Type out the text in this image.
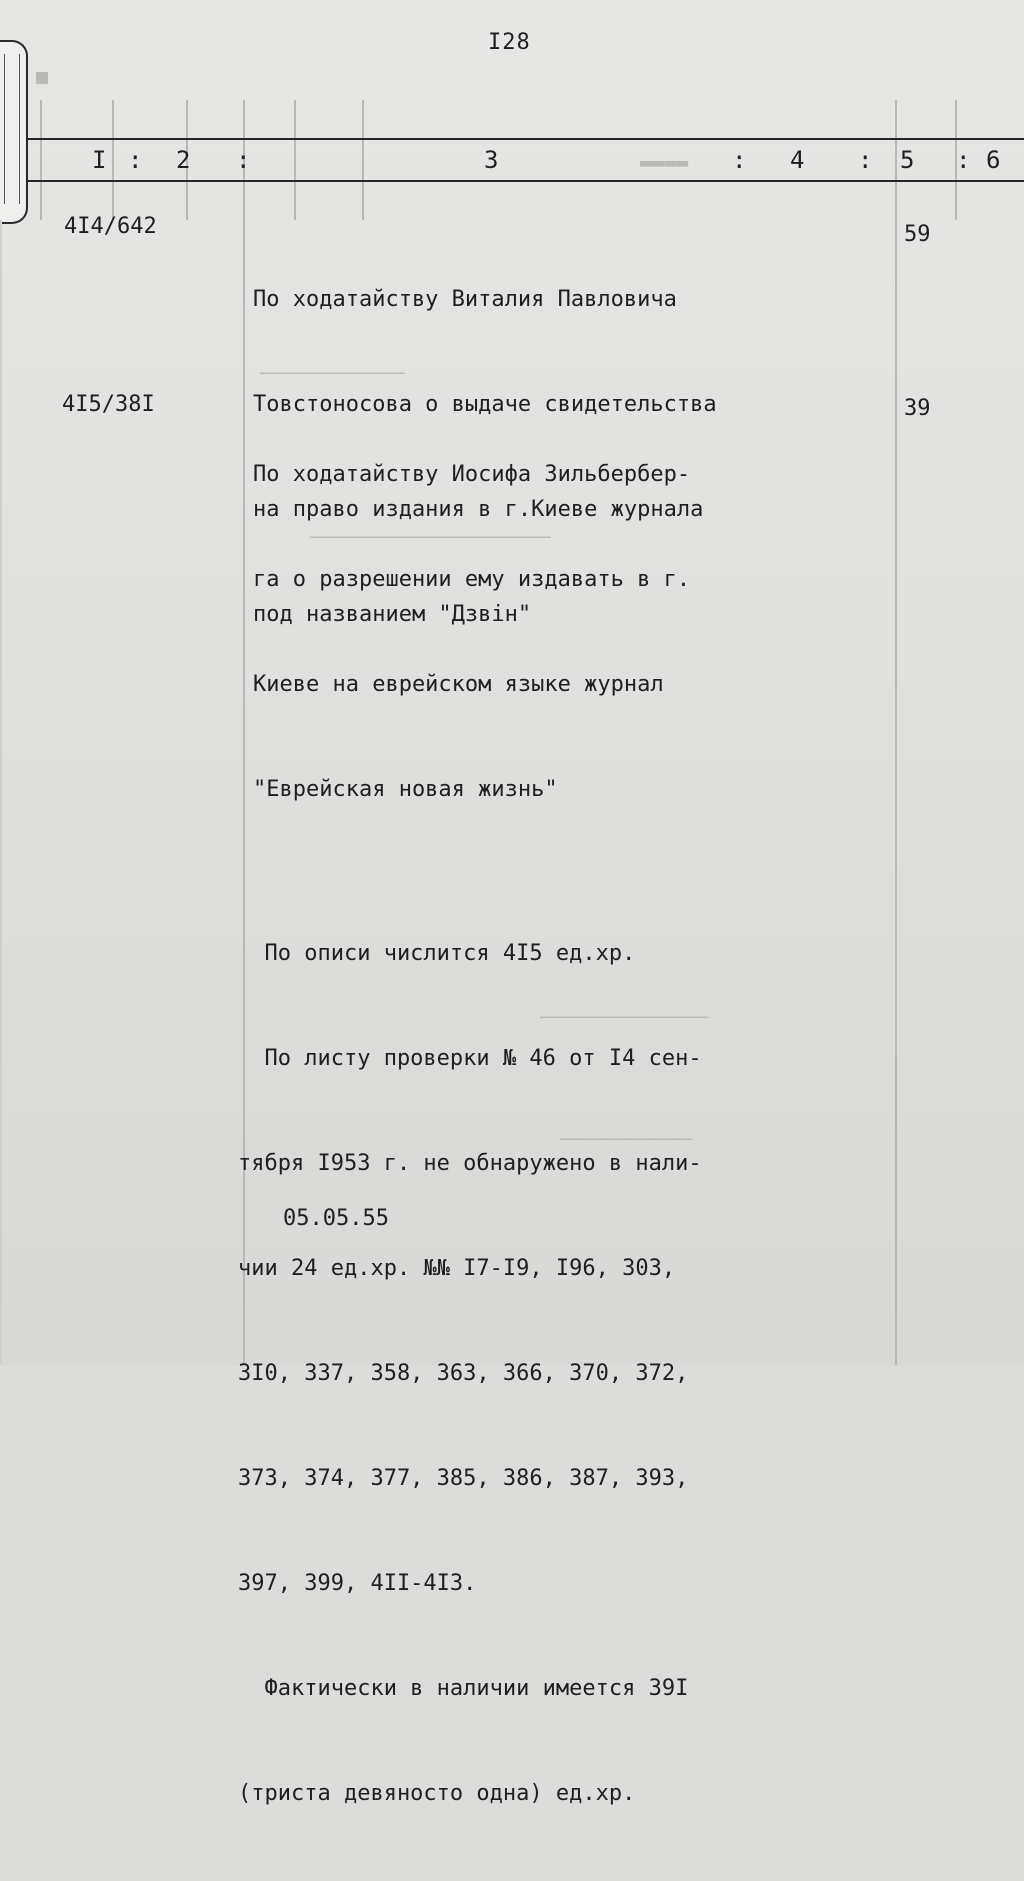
I28
■
▬▬▬▬
————————————
————————————————————
——————————————
———————————
I : 2 :	3	: 4 : 5 : 6
4I4/642

По ходатайству Виталия Павловича

Товстоносова о выдаче свидетельства

на право издания в г.Киеве журнала

под названием "Дзвiн"

59
4I5/38I

По ходатайству Иосифа Зильбербер-

га о разрешении ему издавать в г.

Киеве на еврейском языке журнал

"Еврейская новая жизнь"

39

По описи числится 4I5 ед.хр.

По листу проверки № 46 от I4 сен-

тября I953 г. не обнаружено в нали-

чии 24 ед.хр. №№ I7-I9, I96, 303,

3I0, 337, 358, 363, 366, 370, 372,

373, 374, 377, 385, 386, 387, 393,

397, 399, 4II-4I3.

Фактически в наличии имеется 39I

(триста девяносто одна) ед.хр.

05.05.55
